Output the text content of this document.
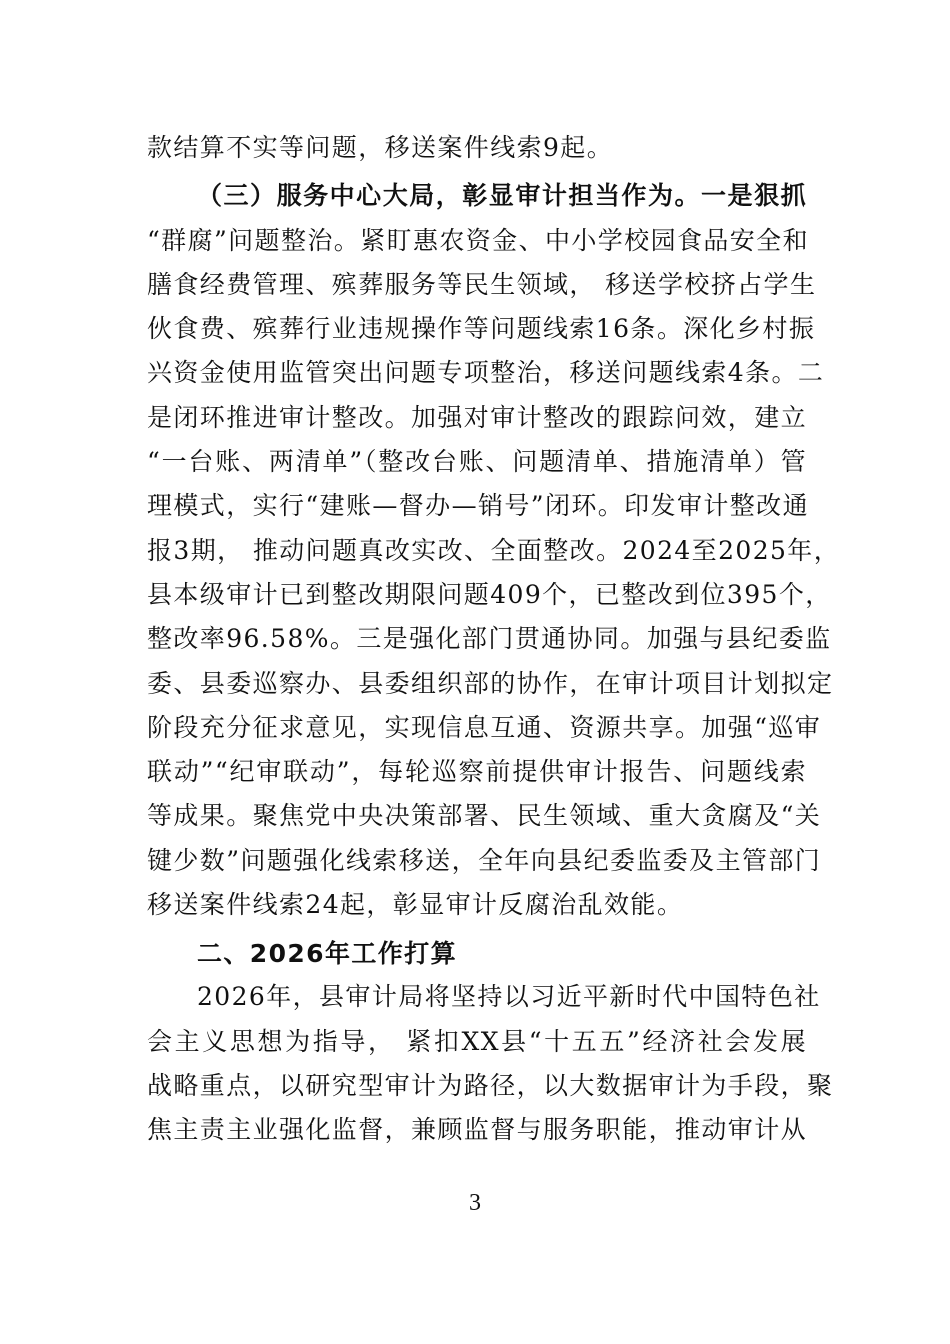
款结算不实等问题，移送案件线索9起。
（三）服务中心大局，彰显审计担当作为。一是狠抓
“群腐”问题整治。紧盯惠农资金、中小学校园食品安全和
膳食经费管理、殡葬服务等民生领域， 移送学校挤占学生
伙食费、殡葬行业违规操作等问题线索16条。深化乡村振
兴资金使用监管突出问题专项整治，移送问题线索4条。二
是闭环推进审计整改。加强对审计整改的跟踪问效，建立
“一台账、两清单”（整改台账、问题清单、措施清单）管
理模式，实行“建账—督办—销号”闭环。印发审计整改通
报3期， 推动问题真改实改、全面整改。2024至2025年，
县本级审计已到整改期限问题409个，已整改到位395个，
整改率96.58%。三是强化部门贯通协同。加强与县纪委监
委、县委巡察办、县委组织部的协作，在审计项目计划拟定
阶段充分征求意见，实现信息互通、资源共享。加强“巡审
联动”“纪审联动”，每轮巡察前提供审计报告、问题线索
等成果。聚焦党中央决策部署、民生领域、重大贪腐及“关
键少数”问题强化线索移送，全年向县纪委监委及主管部门
移送案件线索24起，彰显审计反腐治乱效能。
二、2026年工作打算
2026年，县审计局将坚持以习近平新时代中国特色社
会主义思想为指导， 紧扣XX县“十五五”经济社会发展
战略重点，以研究型审计为路径，以大数据审计为手段，聚
焦主责主业强化监督，兼顾监督与服务职能，推动审计从
3
